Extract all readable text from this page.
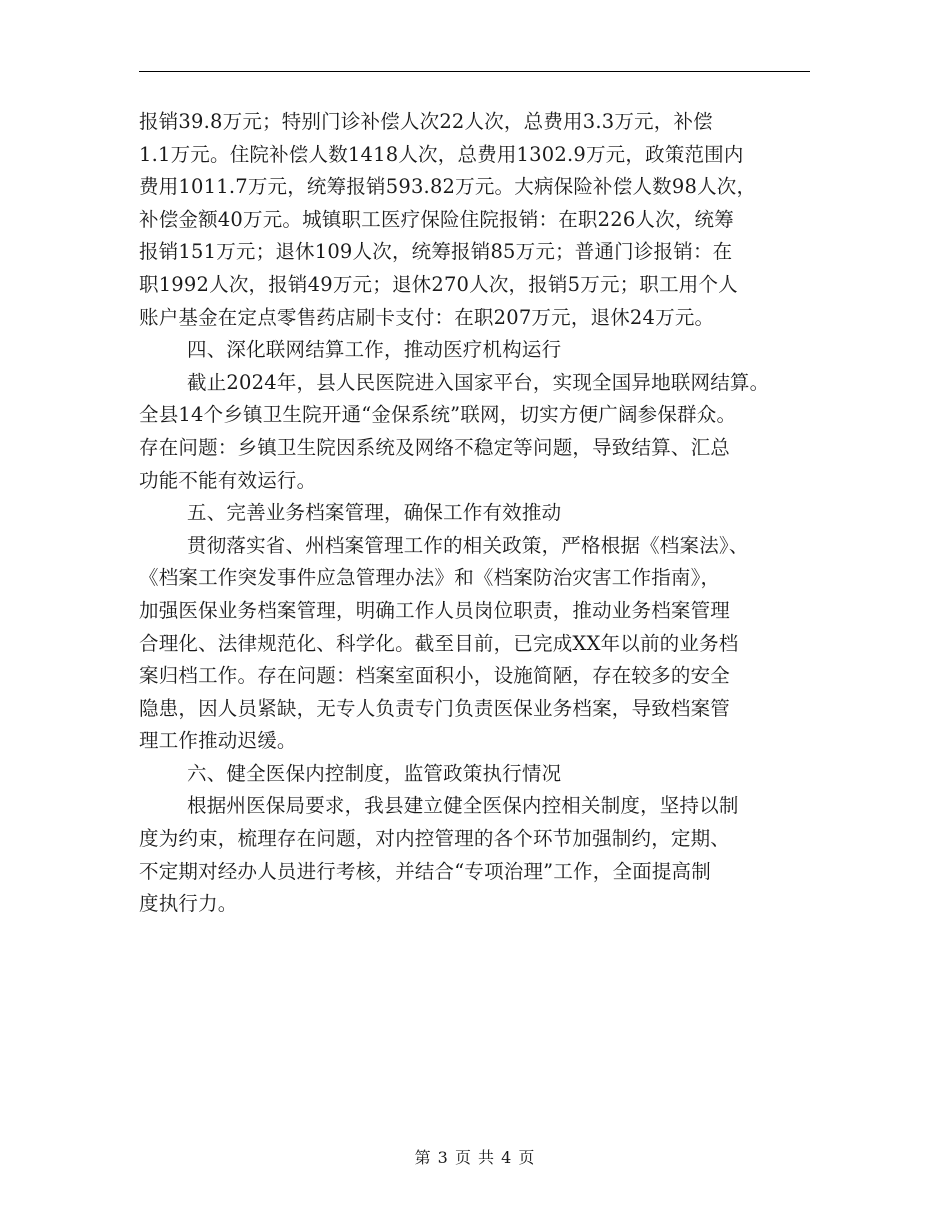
报销39.8万元；特别门诊补偿人次22人次，总费用3.3万元，补偿
1.1万元。住院补偿人数1418人次，总费用1302.9万元，政策范围内
费用1011.7万元，统筹报销593.82万元。大病保险补偿人数98人次，
补偿金额40万元。城镇职工医疗保险住院报销：在职226人次，统筹
报销151万元；退休109人次，统筹报销85万元；普通门诊报销：在
职1992人次，报销49万元；退休270人次，报销5万元；职工用个人
账户基金在定点零售药店刷卡支付：在职207万元，退休24万元。
四、深化联网结算工作，推动医疗机构运行
截止2024年，县人民医院进入国家平台，实现全国异地联网结算。
全县14个乡镇卫生院开通“金保系统”联网，切实方便广阔参保群众。
存在问题：乡镇卫生院因系统及网络不稳定等问题，导致结算、汇总
功能不能有效运行。
五、完善业务档案管理，确保工作有效推动
贯彻落实省、州档案管理工作的相关政策，严格根据《档案法》、
《档案工作突发事件应急管理办法》和《档案防治灾害工作指南》，
加强医保业务档案管理，明确工作人员岗位职责，推动业务档案管理
合理化、法律规范化、科学化。截至目前，已完成XX年以前的业务档
案归档工作。存在问题：档案室面积小，设施简陋，存在较多的安全
隐患，因人员紧缺，无专人负责专门负责医保业务档案，导致档案管
理工作推动迟缓。
六、健全医保内控制度，监管政策执行情况
根据州医保局要求，我县建立健全医保内控相关制度，坚持以制
度为约束，梳理存在问题，对内控管理的各个环节加强制约，定期、
不定期对经办人员进行考核，并结合“专项治理”工作，全面提高制
度执行力。
第 3 页 共 4 页
